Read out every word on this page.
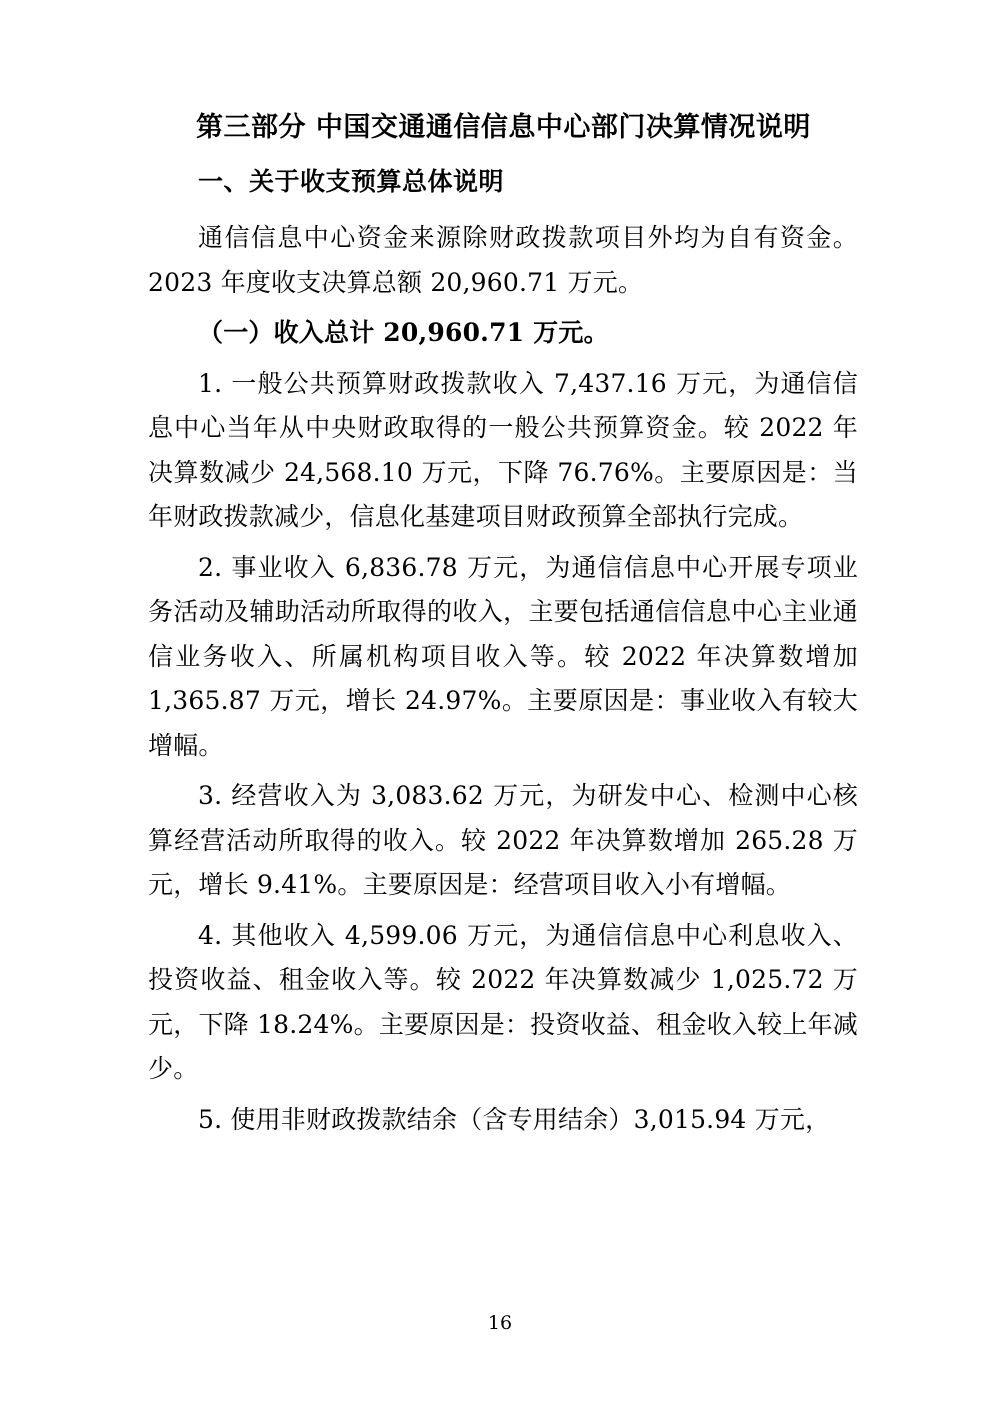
第三部分 中国交通通信信息中心部门决算情况说明
一、关于收支预算总体说明

通信信息中心资金来源除财政拨款项目外均为自有资金。2023 年度收支决算总额 20,960.71 万元。

（一）收入总计 20,960.71 万元。

1. 一般公共预算财政拨款收入 7,437.16 万元，为通信信息中心当年从中央财政取得的一般公共预算资金。较 2022 年决算数减少 24,568.10 万元，下降 76.76%。主要原因是：当年财政拨款减少，信息化基建项目财政预算全部执行完成。

2. 事业收入 6,836.78 万元，为通信信息中心开展专项业务活动及辅助活动所取得的收入，主要包括通信信息中心主业通信业务收入、所属机构项目收入等。较 2022 年决算数增加 1,365.87 万元，增长 24.97%。主要原因是：事业收入有较大增幅。

3. 经营收入为 3,083.62 万元，为研发中心、检测中心核算经营活动所取得的收入。较 2022 年决算数增加 265.28 万元，增长 9.41%。主要原因是：经营项目收入小有增幅。

4. 其他收入 4,599.06 万元，为通信信息中心利息收入、投资收益、租金收入等。较 2022 年决算数减少 1,025.72 万元，下降 18.24%。主要原因是：投资收益、租金收入较上年减少。

5. 使用非财政拨款结余（含专用结余）3,015.94 万元，

16
